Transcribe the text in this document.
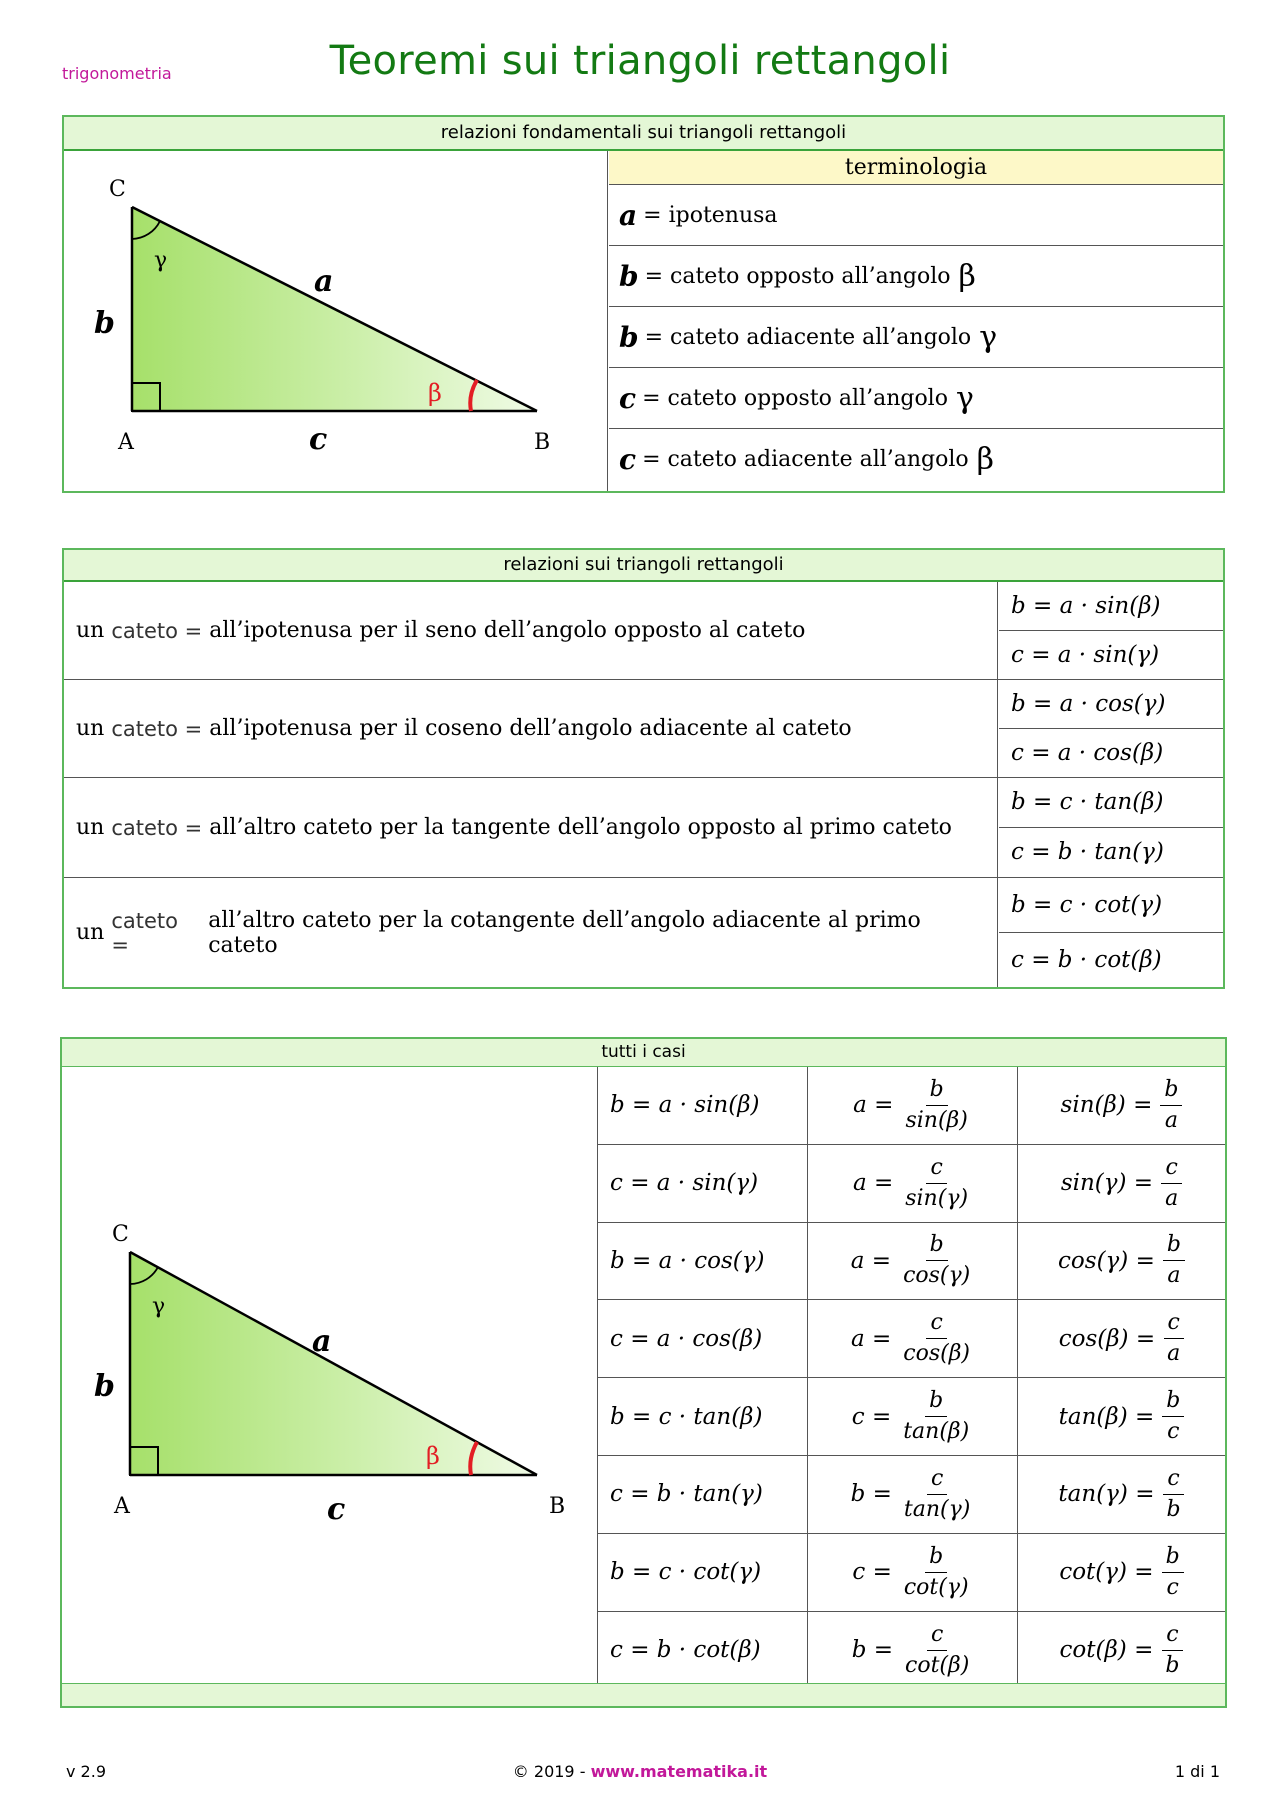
trigonometria	Teoremi sui triangoli rettangoli
relazioni fondamentali sui triangoli rettangoli
C
A	B
b
c
a
γ
β
terminologia
a = ipotenusa
b = cateto opposto all’angolo β
b = cateto adiacente all’angolo γ
c = cateto opposto all’angolo γ
c = cateto adiacente all’angolo β
relazioni sui triangoli rettangoli
un
cateto =
all’ipotenusa per il seno dell’angolo opposto al cateto
b = a · sin(β)
c = a · sin(γ)
un
cateto =
all’ipotenusa per il coseno dell’angolo adiacente al cateto
b = a · cos(γ)
c = a · cos(β)
un
cateto =
all’altro cateto per la tangente dell’angolo opposto al primo cateto
b = c · tan(β)
c = b · tan(γ)
un
cateto =

all’altro cateto per la cotangente dell’angolo adiacente al primo cateto
b = c · cot(γ)
c = b · cot(β)
tutti i casi
C
A	B
b
c
a
γ
β
b = a · sin(β)	$a = \frac{b}{\sin(\beta)}$	$\sin(\beta) = \frac{b}{a}$
c = a · sin(γ)	$a = \frac{c}{\sin(\gamma)}$	$\sin(\gamma) = \frac{c}{a}$
b = a · cos(γ)	$a = \frac{b}{\cos(\gamma)}$	$\cos(\gamma) = \frac{b}{a}$
c = a · cos(β)	$a = \frac{c}{\cos(\beta)}$	$\cos(\beta) = \frac{c}{a}$
b = c · tan(β)	$c = \frac{b}{\tan(\beta)}$	$\tan(\beta) = \frac{b}{c}$
c = b · tan(γ)	$b = \frac{c}{\tan(\gamma)}$	$\tan(\gamma) = \frac{c}{b}$
b = c · cot(γ)	$c = \frac{b}{\cot(\gamma)}$	$\cot(\gamma) = \frac{b}{c}$
c = b · cot(β)	$b = \frac{c}{\cot(\beta)}$	$\cot(\beta) = \frac{c}{b}$
v 2.9	© 2019 - www.matematika.it	1 di 1
